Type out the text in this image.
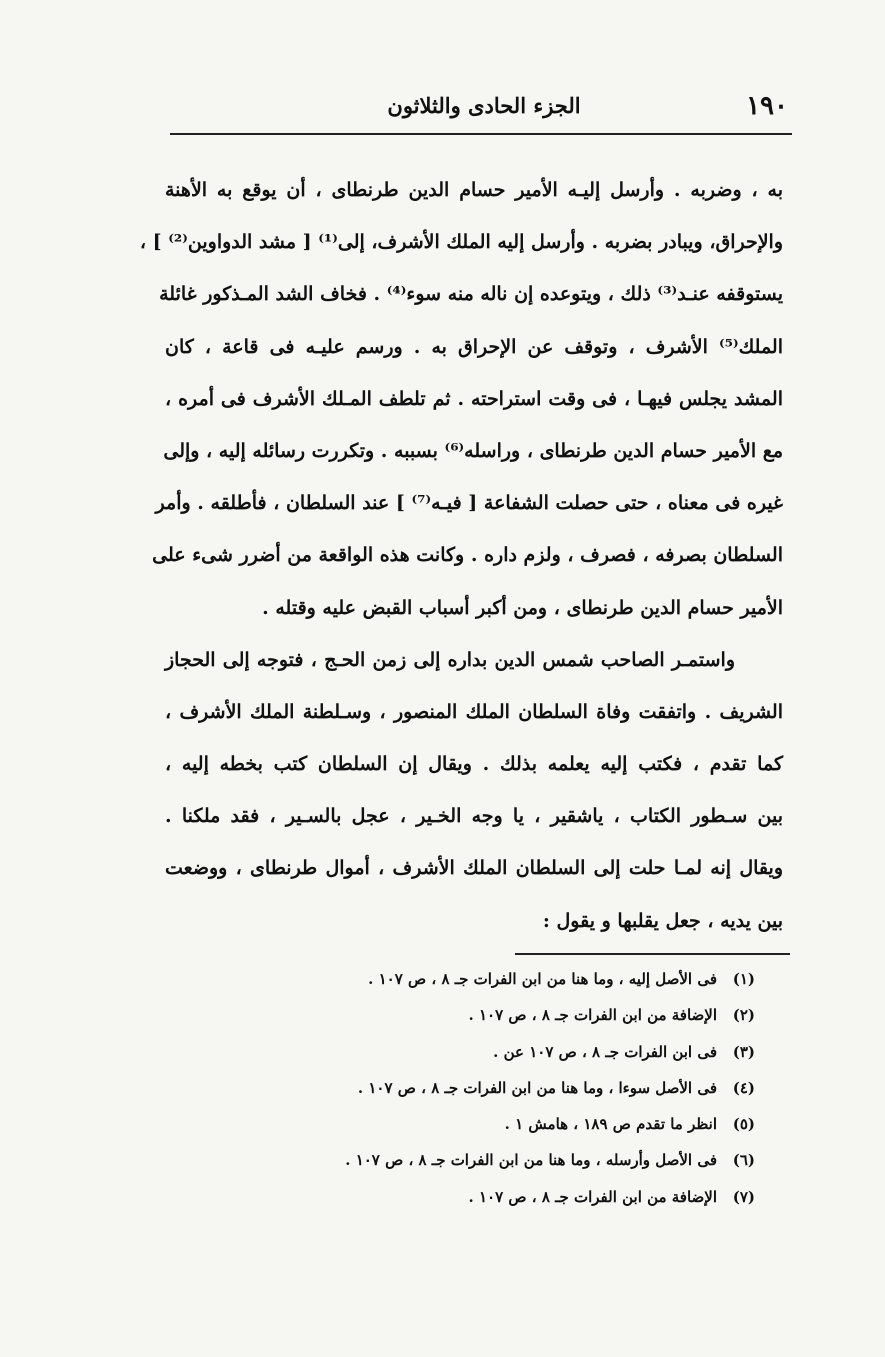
الجزء الحادى والثلاثون	١٩٠
به ، وضربه . وأرسل إليـه الأمير حسام الدين طرنطاى ، أن يوقع به الأهنة
والإحراق، ويبادر بضربه . وأرسل إليه الملك الأشرف، إلى⁽¹⁾ [ مشد الدواوين⁽²⁾ ] ،
يستوقفه عنـد⁽³⁾ ذلك ، ويتوعده إن ناله منه سوء⁽⁴⁾ . فخاف الشد المـذكور غائلة
الملك⁽⁵⁾ الأشرف ، وتوقف عن الإحراق به . ورسم عليـه فى قاعة ، كان
المشد يجلس فيهـا ، فى وقت استراحته . ثم تلطف المـلك الأشرف فى أمره ،
مع الأمير حسام الدين طرنطاى ، وراسله⁽⁶⁾ بسببه . وتكررت رسائله إليه ، وإلى
غيره فى معناه ، حتى حصلت الشفاعة [ فيـه⁽⁷⁾ ] عند السلطان ، فأطلقه . وأمر
السلطان بصرفه ، فصرف ، ولزم داره . وكانت هذه الواقعة من أضرر شىء على
الأمير حسام الدين طرنطاى ، ومن أكبر أسباب القبض عليه وقتله .
واستمـر الصاحب شمس الدين بداره إلى زمن الحـج ، فتوجه إلى الحجاز
الشريف . واتفقت وفاة السلطان الملك المنصور ، وسـلطنة الملك الأشرف ،
كما تقدم ، فكتب إليه يعلمه بذلك . ويقال إن السلطان كتب بخطه إليه ،
بين سـطور الكتاب ، ياشقير ، يا وجه الخـير ، عجل بالسـير ، فقد ملكنا .
ويقال إنه لمـا حلت إلى السلطان الملك الأشرف ، أموال طرنطاى ، ووضعت
بين يديه ، جعل يقلبها و يقول :
(١)فى الأصل إليه ، وما هنا من ابن الفرات جـ ٨ ، ص ١٠٧ .
(٢)الإضافة من ابن الفرات جـ ٨ ، ص ١٠٧ .
(٣)فى ابن الفرات جـ ٨ ، ص ١٠٧ عن .
(٤)فى الأصل سوءا ، وما هنا من ابن الفرات جـ ٨ ، ص ١٠٧ .
(٥)انظر ما تقدم ص ١٨٩ ، هامش ١ .
(٦)فى الأصل وأرسله ، وما هنا من ابن الفرات جـ ٨ ، ص ١٠٧ .
(٧)الإضافة من ابن الفرات جـ ٨ ، ص ١٠٧ .
